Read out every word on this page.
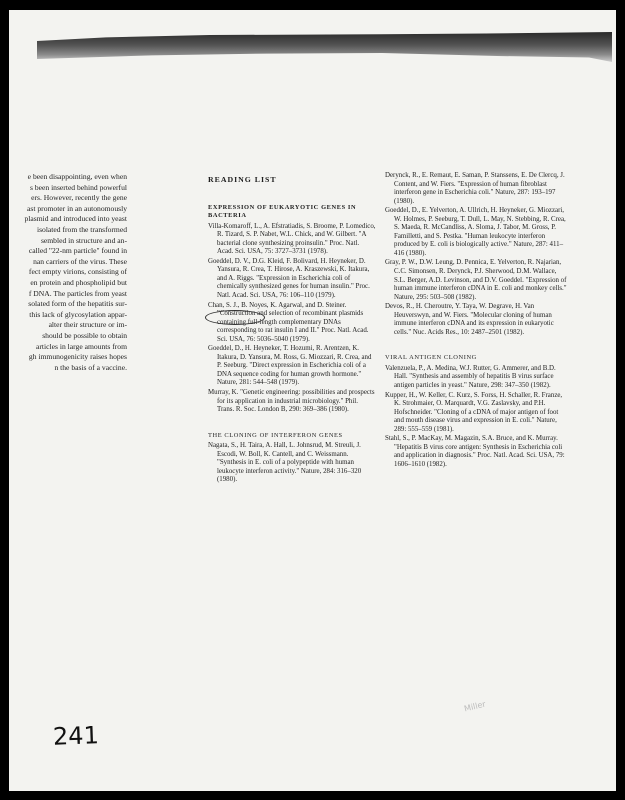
e been disappointing, even when
s been inserted behind powerful
ers. However, recently the gene
ast promoter in an autonomously
plasmid and introduced into yeast
isolated from the transformed
sembled in structure and an-
called "22-nm particle" found in
nan carriers of the virus. These
fect empty virions, consisting of
en protein and phospholipid but
f DNA. The particles from yeast
solated form of the hepatitis sur-
this lack of glycosylation appar-
alter their structure or im-
should be possible to obtain
articles in large amounts from
gh immunogenicity raises hopes
n the basis of a vaccine.
READING LIST
EXPRESSION OF EUKARYOTIC GENES IN BACTERIA
Villa-Komaroff, L., A. Efstratiadis, S. Broome, P. Lomedico, R. Tizard, S. P. Nabet, W.L. Chick, and W. Gilbert. "A bacterial clone synthesizing proinsulin." Proc. Natl. Acad. Sci. USA, 75: 3727–3731 (1978).
Goeddel, D. V., D.G. Kleid, F. Bolivard, H. Heyneker, D. Yansura, R. Crea, T. Hirose, A. Kraszewski, K. Itakura, and A. Riggs. "Expression in Escherichia coli of chemically synthesized genes for human insulin." Proc. Natl. Acad. Sci. USA, 76: 106–110 (1979).
Chan, S. J., B. Noyes, K. Agarwal, and D. Steiner. "Construction and selection of recombinant plasmids containing full-length complementary DNAs corresponding to rat insulin I and II." Proc. Natl. Acad. Sci. USA, 76: 5036–5040 (1979).
Goeddel, D., H. Heyneker, T. Hozumi, R. Arentzen, K. Itakura, D. Yansura, M. Ross, G. Miozzari, R. Crea, and P. Seeburg. "Direct expression in Escherichia coli of a DNA sequence coding for human growth hormone." Nature, 281: 544–548 (1979).
Murray, K. "Genetic engineering: possibilities and prospects for its application in industrial microbiology." Phil. Trans. R. Soc. London B, 290: 369–386 (1980).
THE CLONING OF INTERFERON GENES
Nagata, S., H. Taira, A. Hall, L. Johnsrud, M. Streuli, J. Escodi, W. Boll, K. Cantell, and C. Weissmann. "Synthesis in E. coli of a polypeptide with human leukocyte interferon activity." Nature, 284: 316–320 (1980).
Derynck, R., E. Remaut, E. Saman, P. Stanssens, E. De Clercq, J. Content, and W. Fiers. "Expression of human fibroblast interferon gene in Escherichia coli." Nature, 287: 193–197 (1980).
Goeddel, D., E. Yelverton, A. Ullrich, H. Heyneker, G. Miozzari, W. Holmes, P. Seeburg, T. Dull, L. May, N. Stebbing, R. Crea, S. Maeda, R. McCandliss, A. Sloma, J. Tabor, M. Gross, P. Familletti, and S. Pestka. "Human leukocyte interferon produced by E. coli is biologically active." Nature, 287: 411–416 (1980).
Gray, P. W., D.W. Leung, D. Pennica, E. Yelverton, R. Najarian, C.C. Simonsen, R. Derynck, P.J. Sherwood, D.M. Wallace, S.L. Berger, A.D. Levinson, and D.V. Goeddel. "Expression of human immune interferon cDNA in E. coli and monkey cells." Nature, 295: 503–508 (1982).
Devos, R., H. Cheroutre, Y. Taya, W. Degrave, H. Van Heuverswyn, and W. Fiers. "Molecular cloning of human immune interferon cDNA and its expression in eukaryotic cells." Nuc. Acids Res., 10: 2487–2501 (1982).
VIRAL ANTIGEN CLONING
Valenzuela, P., A. Medina, W.J. Rutter, G. Ammerer, and B.D. Hall. "Synthesis and assembly of hepatitis B virus surface antigen particles in yeast." Nature, 298: 347–350 (1982).
Kupper, H., W. Keller, C. Kurz, S. Forss, H. Schaller, R. Franze, K. Strohmaier, O. Marquardt, V.G. Zaslavsky, and P.H. Hofschneider. "Cloning of a cDNA of major antigen of foot and mouth disease virus and expression in E. coli." Nature, 289: 555–559 (1981).
Stahl, S., P. MacKay, M. Magazin, S.A. Bruce, and K. Murray. "Hepatitis B virus core antigen: Synthesis in Escherichia coli and application in diagnosis." Proc. Natl. Acad. Sci. USA, 79: 1606–1610 (1982).
Miller
241
